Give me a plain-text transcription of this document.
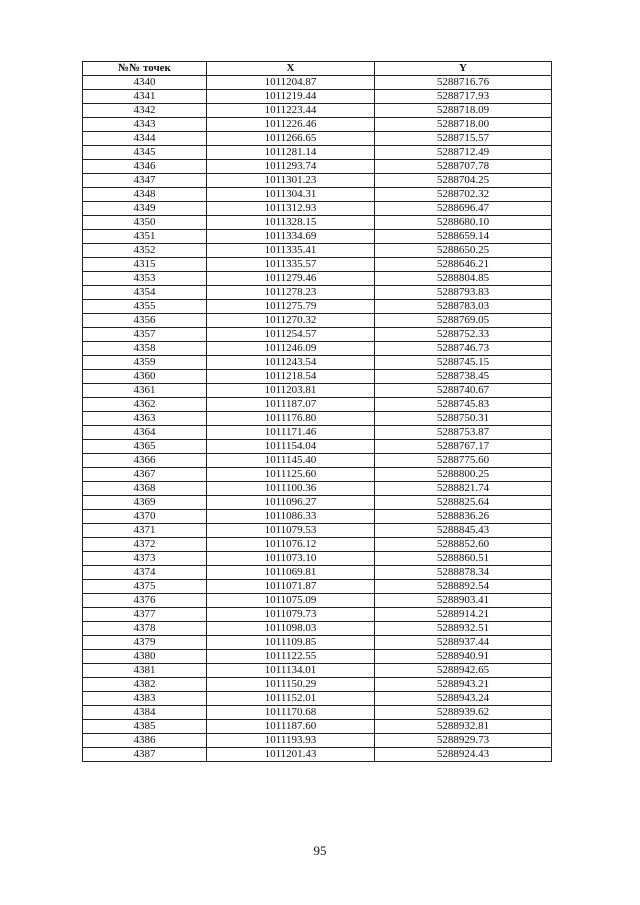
№№ точек	X	Y
4340	1011204.87	5288716.76
4341	1011219.44	5288717.93
4342	1011223.44	5288718.09
4343	1011226.46	5288718.00
4344	1011266.65	5288715.57
4345	1011281.14	5288712.49
4346	1011293.74	5288707.78
4347	1011301.23	5288704.25
4348	1011304.31	5288702.32
4349	1011312.93	5288696.47
4350	1011328.15	5288680.10
4351	1011334.69	5288659.14
4352	1011335.41	5288650.25
4315	1011335.57	5288646.21
4353	1011279.46	5288804.85
4354	1011278.23	5288793.83
4355	1011275.79	5288783.03
4356	1011270.32	5288769.05
4357	1011254.57	5288752.33
4358	1011246.09	5288746.73
4359	1011243.54	5288745.15
4360	1011218.54	5288738.45
4361	1011203.81	5288740.67
4362	1011187.07	5288745.83
4363	1011176.80	5288750.31
4364	1011171.46	5288753.87
4365	1011154.04	5288767.17
4366	1011145.40	5288775.60
4367	1011125.60	5288800.25
4368	1011100.36	5288821.74
4369	1011096.27	5288825.64
4370	1011086.33	5288836.26
4371	1011079.53	5288845.43
4372	1011076.12	5288852.60
4373	1011073.10	5288860.51
4374	1011069.81	5288878.34
4375	1011071.87	5288892.54
4376	1011075.09	5288903.41
4377	1011079.73	5288914.21
4378	1011098.03	5288932.51
4379	1011109.85	5288937.44
4380	1011122.55	5288940.91
4381	1011134.01	5288942.65
4382	1011150.29	5288943.21
4383	1011152.01	5288943.24
4384	1011170.68	5288939.62
4385	1011187.60	5288932.81
4386	1011193.93	5288929.73
4387	1011201.43	5288924.43
95
